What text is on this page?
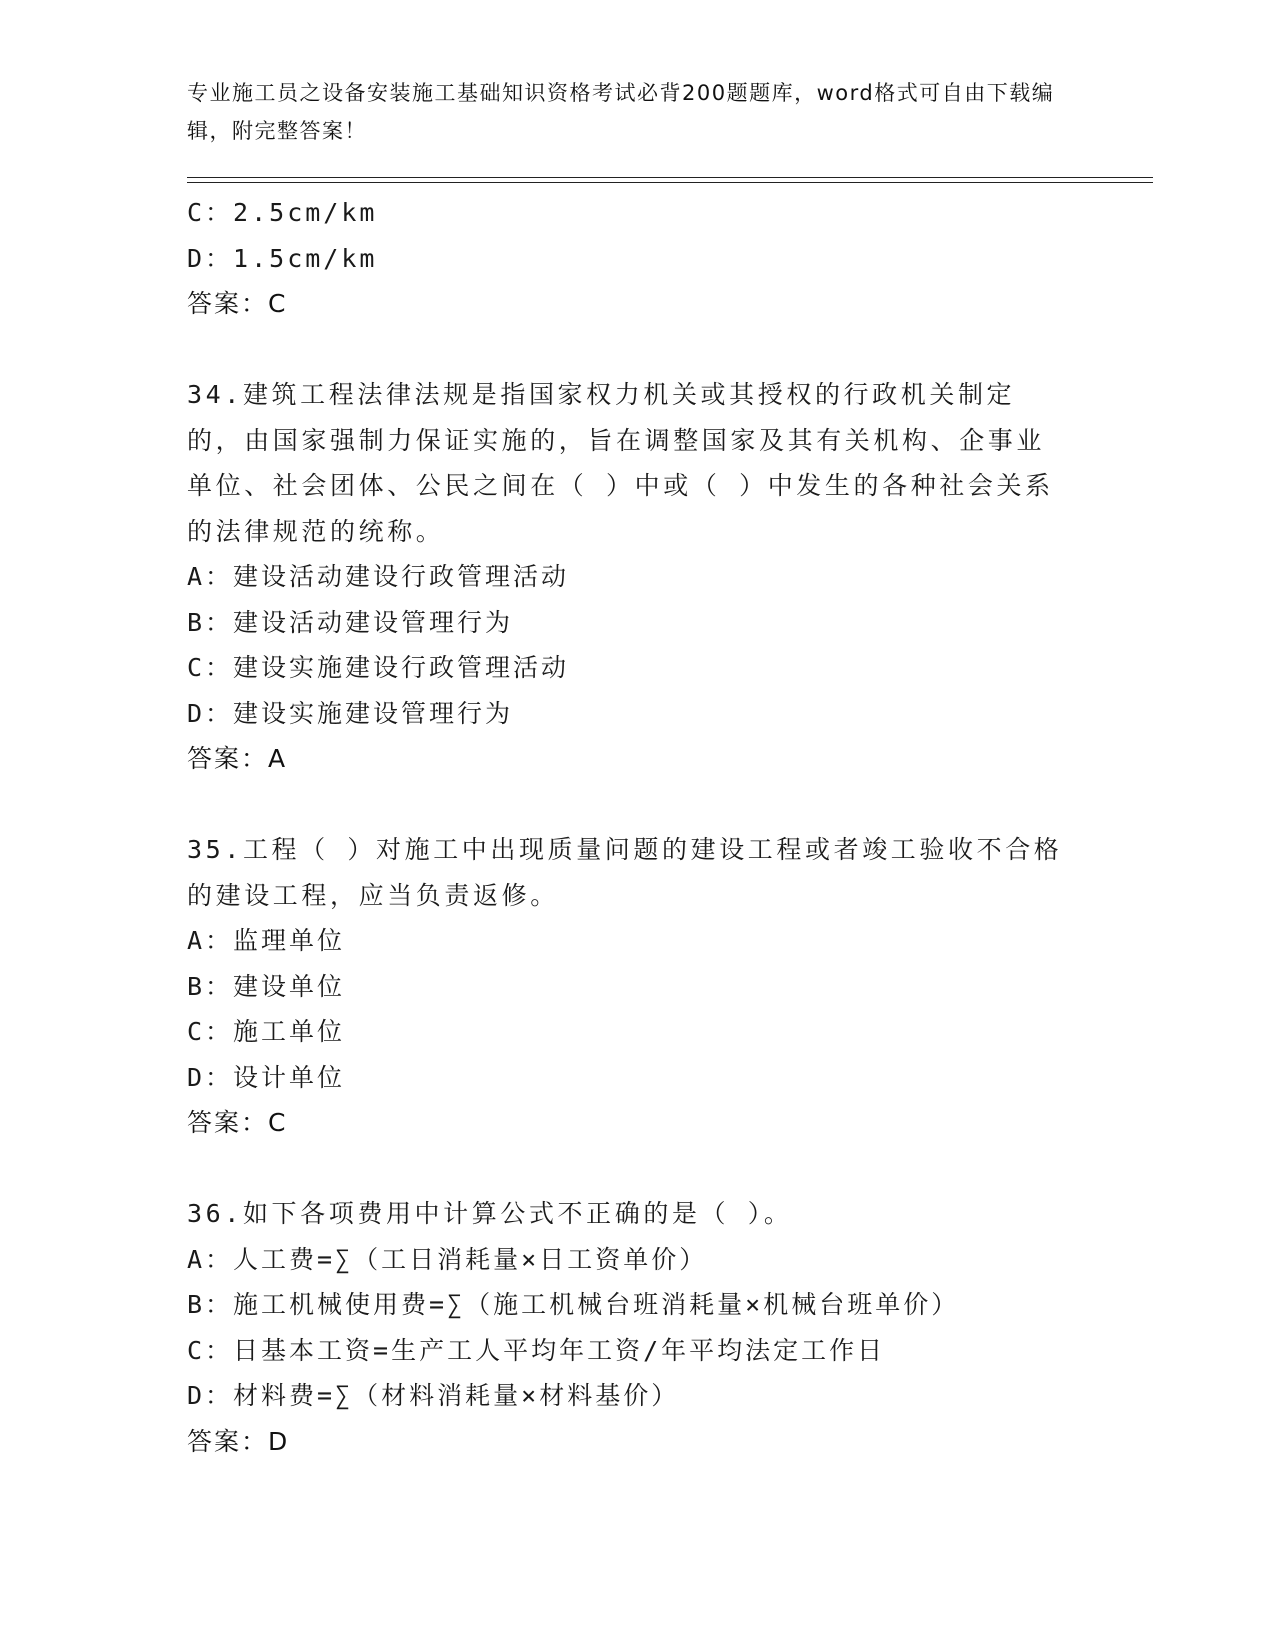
专业施工员之设备安装施工基础知识资格考试必背200题题库，word格式可自由下载编辑，附完整答案！
C：2.5cm/km
D：1.5cm/km
答案：C
34.建筑工程法律法规是指国家权力机关或其授权的行政机关制定的，由国家强制力保证实施的，旨在调整国家及其有关机构、企事业单位、社会团体、公民之间在（ ）中或（ ）中发生的各种社会关系的法律规范的统称。
A：建设活动建设行政管理活动
B：建设活动建设管理行为
C：建设实施建设行政管理活动
D：建设实施建设管理行为
答案：A
35.工程（ ）对施工中出现质量问题的建设工程或者竣工验收不合格的建设工程，应当负责返修。
A：监理单位
B：建设单位
C：施工单位
D：设计单位
答案：C
36.如下各项费用中计算公式不正确的是（ ）。
A：人工费=∑（工日消耗量×日工资单价）
B：施工机械使用费=∑（施工机械台班消耗量×机械台班单价）
C：日基本工资=生产工人平均年工资/年平均法定工作日
D：材料费=∑（材料消耗量×材料基价）
答案：D
